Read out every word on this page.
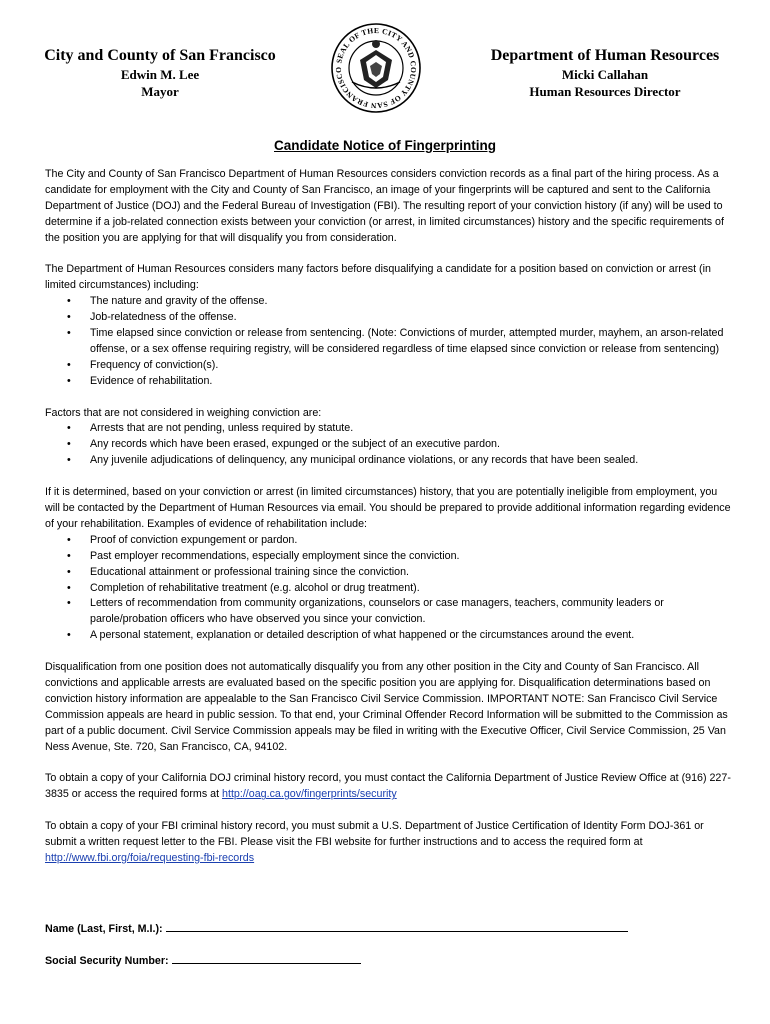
City and County of San Francisco
Edwin M. Lee
Mayor
SEAL OF THE CITY AND COUNTY OF SAN FRANCISCO
Department of Human Resources
Micki Callahan
Human Resources Director
Candidate Notice of Fingerprinting

The City and County of San Francisco Department of Human Resources considers conviction records as a final part of the hiring process. As a candidate for employment with the City and County of San Francisco, an image of your fingerprints will be captured and sent to the California Department of Justice (DOJ) and the Federal Bureau of Investigation (FBI). The resulting report of your conviction history (if any) will be used to determine if a job-related connection exists between your conviction (or arrest, in limited circumstances) history and the specific requirements of the position you are applying for that will disqualify you from consideration.

The Department of Human Resources considers many factors before disqualifying a candidate for a position based on conviction or arrest (in limited circumstances) including:

• The nature and gravity of the offense.
• Job-relatedness of the offense.
• Time elapsed since conviction or release from sentencing. (Note: Convictions of murder, attempted murder, mayhem, an arson-related offense, or a sex offense requiring registry, will be considered regardless of time elapsed since conviction or release from sentencing)
• Frequency of conviction(s).
• Evidence of rehabilitation.

Factors that are not considered in weighing conviction are:

• Arrests that are not pending, unless required by statute.
• Any records which have been erased, expunged or the subject of an executive pardon.
• Any juvenile adjudications of delinquency, any municipal ordinance violations, or any records that have been sealed.

If it is determined, based on your conviction or arrest (in limited circumstances) history, that you are potentially ineligible from employment, you will be contacted by the Department of Human Resources via email. You should be prepared to provide additional information regarding evidence of your rehabilitation. Examples of evidence of rehabilitation include:

• Proof of conviction expungement or pardon.
• Past employer recommendations, especially employment since the conviction.
• Educational attainment or professional training since the conviction.
• Completion of rehabilitative treatment (e.g. alcohol or drug treatment).
• Letters of recommendation from community organizations, counselors or case managers, teachers, community leaders or parole/probation officers who have observed you since your conviction.
• A personal statement, explanation or detailed description of what happened or the circumstances around the event.

Disqualification from one position does not automatically disqualify you from any other position in the City and County of San Francisco. All convictions and applicable arrests are evaluated based on the specific position you are applying for. Disqualification determinations based on conviction history information are appealable to the San Francisco Civil Service Commission. IMPORTANT NOTE: San Francisco Civil Service Commission appeals are heard in public session. To that end, your Criminal Offender Record Information will be submitted to the Commission as part of a public document. Civil Service Commission appeals may be filed in writing with the Executive Officer, Civil Service Commission, 25 Van Ness Avenue, Ste. 720, San Francisco, CA, 94102.

To obtain a copy of your California DOJ criminal history record, you must contact the California Department of Justice Review Office at (916) 227-3835 or access the required forms at http://oag.ca.gov/fingerprints/security

To obtain a copy of your FBI criminal history record, you must submit a U.S. Department of Justice Certification of Identity Form DOJ-361 or submit a written request letter to the FBI. Please visit the FBI website for further instructions and to access the required form at http://www.fbi.org/foia/requesting-fbi-records

Name (Last, First, M.I.):
Social Security Number:
